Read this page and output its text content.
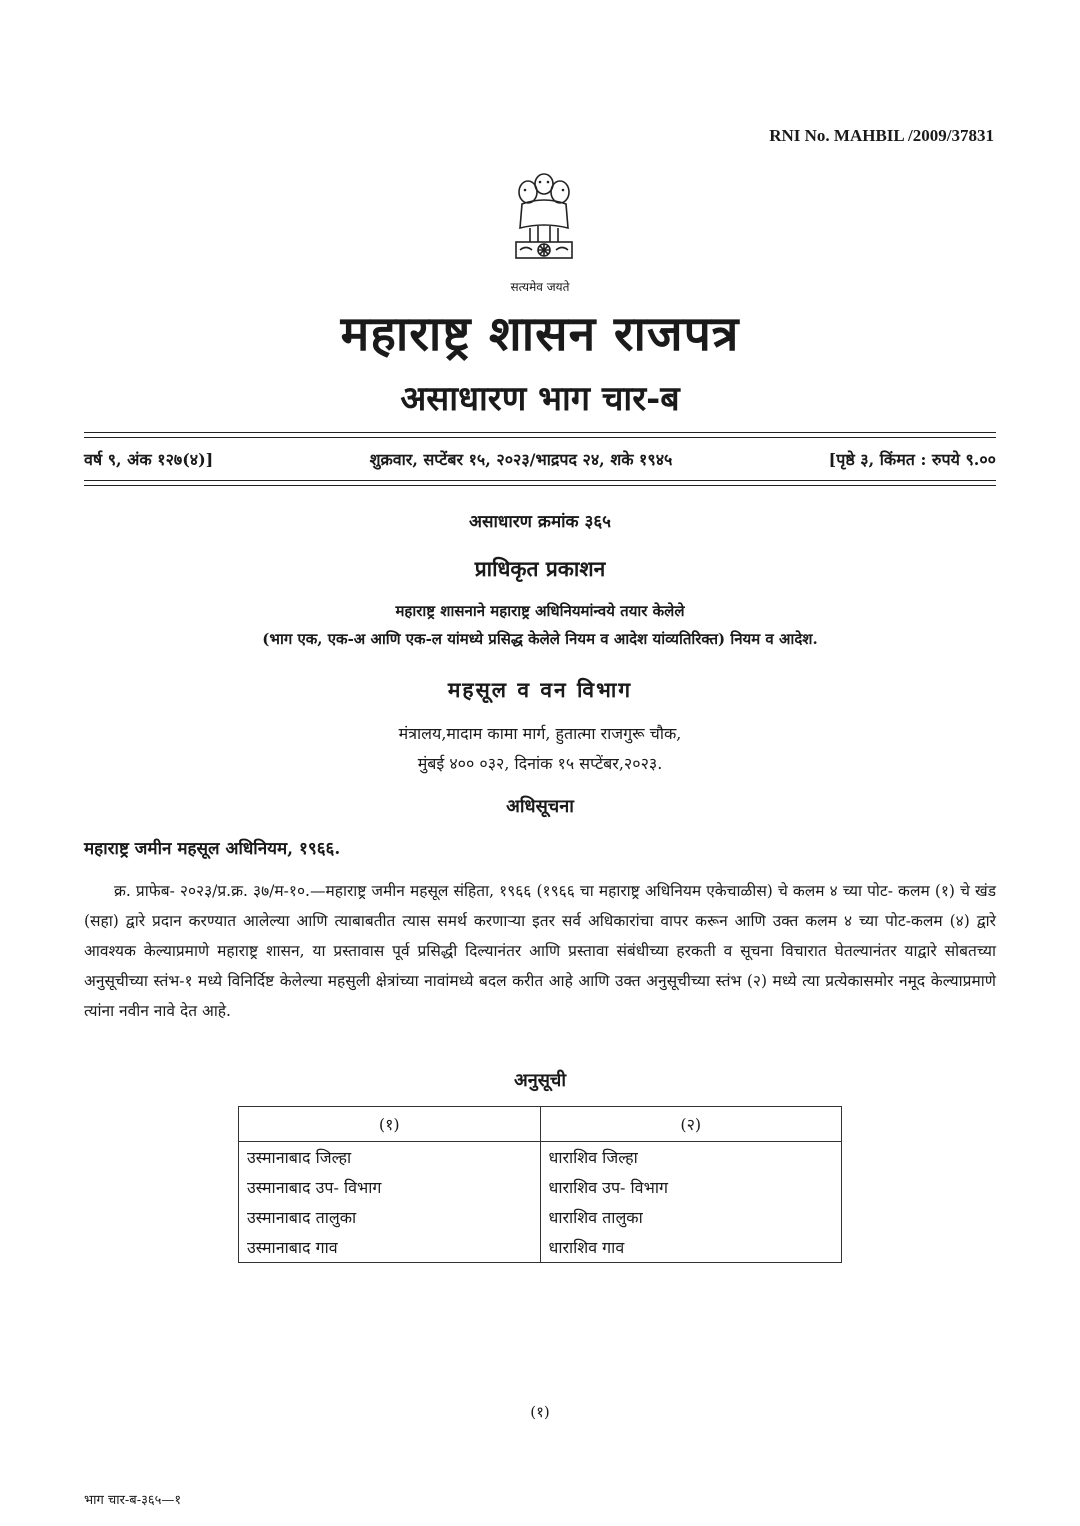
RNI No. MAHBIL /2009/37831
सत्यमेव जयते
महाराष्ट्र शासन राजपत्र
असाधारण भाग चार-ब
वर्ष ९, अंक १२७(४)]	शुक्रवार, सप्टेंबर १५, २०२३/भाद्रपद २४, शके १९४५	[पृष्ठे ३, किंमत : रुपये ९.००
असाधारण क्रमांक ३६५
प्राधिकृत प्रकाशन
महाराष्ट्र शासनाने महाराष्ट्र अधिनियमांन्वये तयार केलेले
(भाग एक, एक-अ आणि एक-ल यांमध्ये प्रसिद्ध केलेले नियम व आदेश यांव्यतिरिक्त) नियम व आदेश.
महसूल व वन विभाग
मंत्रालय,मादाम कामा मार्ग, हुतात्मा राजगुरू चौक,
मुंबई ४०० ०३२, दिनांक १५ सप्टेंबर,२०२३.
अधिसूचना
महाराष्ट्र जमीन महसूल अधिनियम, १९६६.
क्र. प्राफेब- २०२३/प्र.क्र. ३७/म-१०.—महाराष्ट्र जमीन महसूल संहिता, १९६६ (१९६६ चा महाराष्ट्र अधिनियम एकेचाळीस) चे कलम ४ च्या पोट- कलम (१) चे खंड (सहा) द्वारे प्रदान करण्यात आलेल्या आणि त्याबाबतीत त्यास समर्थ करणाऱ्या इतर सर्व अधिकारांचा वापर करून आणि उक्त कलम ४ च्या पोट-कलम (४) द्वारे आवश्यक केल्याप्रमाणे महाराष्ट्र शासन, या प्रस्तावास पूर्व प्रसिद्धी दिल्यानंतर आणि प्रस्तावा संबंधीच्या हरकती व सूचना विचारात घेतल्यानंतर याद्वारे सोबतच्या अनुसूचीच्या स्तंभ-१ मध्ये विनिर्दिष्ट केलेल्या महसुली क्षेत्रांच्या नावांमध्ये बदल करीत आहे आणि उक्त अनुसूचीच्या स्तंभ (२) मध्ये त्या प्रत्येकासमोर नमूद केल्याप्रमाणे त्यांना नवीन नावे देत आहे.
अनुसूची
(१)	(२)
उस्मानाबाद जिल्हा	धाराशिव जिल्हा
उस्मानाबाद उप- विभाग	धाराशिव उप- विभाग
उस्मानाबाद तालुका	धाराशिव तालुका
उस्मानाबाद गाव	धाराशिव गाव
(१)
भाग चार-ब-३६५—१
